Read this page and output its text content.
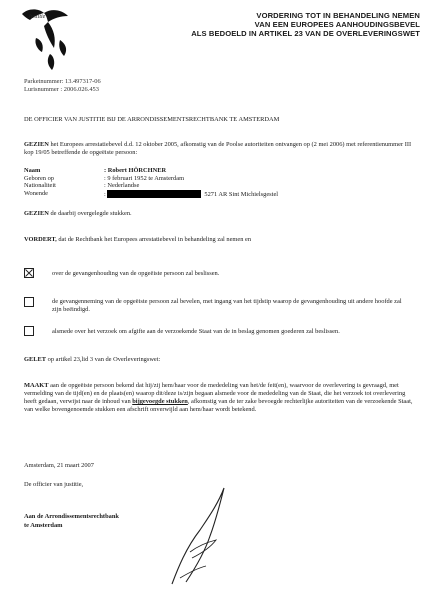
Justitie	VORDERING TOT IN BEHANDELING NEMEN
VAN EEN EUROPEES AANHOUDINGSBEVEL
ALS BEDOELD IN ARTIKEL 23 VAN DE OVERLEVERINGSWET
Parketnummer: 13.497317-06
Lurisnummer : 2006.026.453
DE OFFICIER VAN JUSTITIE BIJ DE ARRONDISSEMENTSRECHTBANK TE AMSTERDAM
GEZIEN het Europees arrestatiebevel d.d. 12 oktober 2005, afkomstig van de Poolse autoriteiten ontvangen op (2 mei 2006) met referentienummer III kop 19/05 betreffende de opgeëiste persoon:
Naam	: Robert HÖRCHNER
Geboren op	: 9 februari 1952 te Amsterdam
Nationaliteit	: Nederlandse
Wonende	:	5271 AR Sint Michielsgestel
GEZIEN de daarbij overgelegde stukken.
VORDERT, dat de Rechtbank het Europees arrestatiebevel in behandeling zal nemen en
over de gevangenhouding van de opgeëiste persoon zal beslissen.
de gevangenneming van de opgeëiste persoon zal bevelen, met ingang van het tijdstip waarop de gevangenhouding uit andere hoofde zal zijn beëindigd.
alsmede over het verzoek om afgifte aan de verzoekende Staat van de in beslag genomen goederen zal beslissen.
GELET op artikel 23,lid 3 van de Overleveringswet:
MAAKT aan de opgeëiste persoon bekend dat hij/zij hem/haar voor de mededeling van het/de feit(en), waarvoor de overlevering is gevraagd, met vermelding van de tijd(en) en de plaats(en) waarop dit/deze is/zijn begaan alsmede voor de mededeling van de Staat, die het verzoek tot overlevering heeft gedaan, verwijst naar de inhoud van bijgevoegde stukken, afkomstig van de ter zake bevoegde rechterlijke autoriteiten van de verzoekende Staat, van welke bovengenoemde stukken een afschrift onverwijld aan hem/haar wordt betekend.
Amsterdam, 21 maart 2007
De officier van justitie,
Aan de Arrondissementsrechtbank
te Amsterdam
